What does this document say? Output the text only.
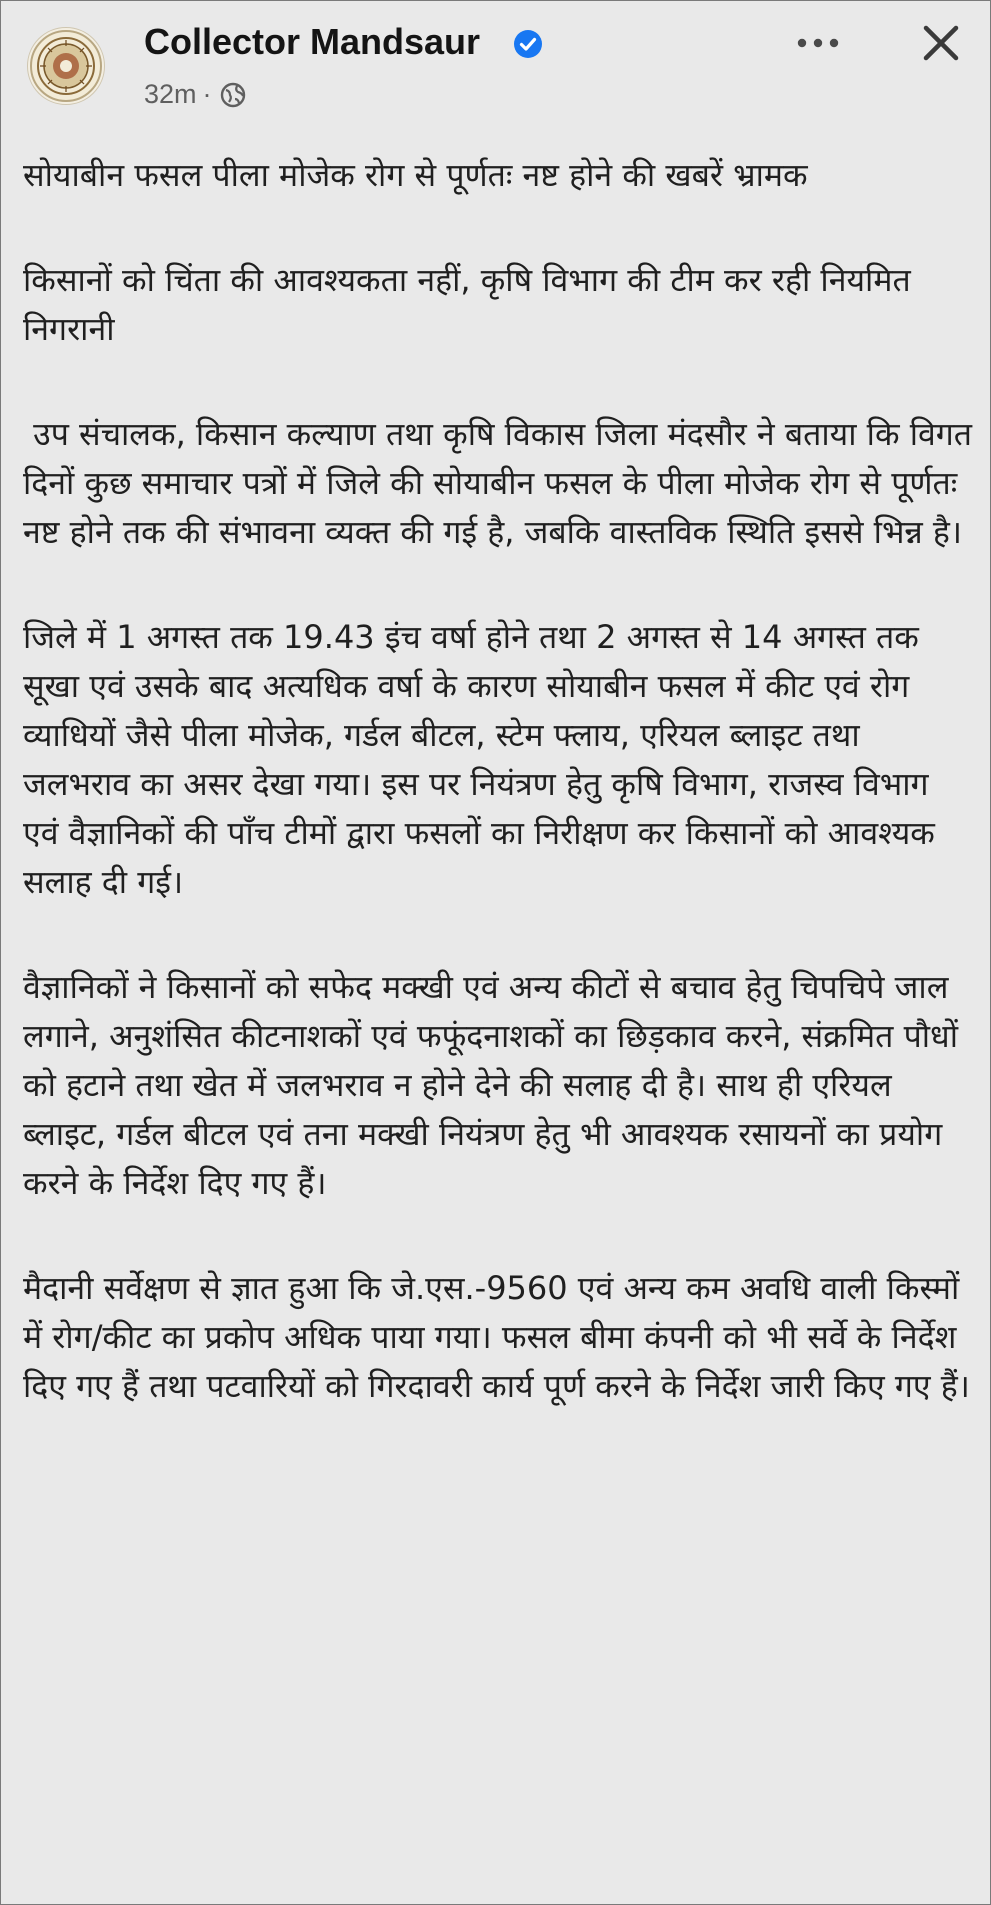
Collector Mandsaur
32m ·

सोयाबीन फसल पीला मोजेक रोग से पूर्णतः नष्ट होने की खबरें भ्रामक

किसानों को चिंता की आवश्यकता नहीं, कृषि विभाग की टीम कर रही नियमित निगरानी

उप संचालक, किसान कल्याण तथा कृषि विकास जिला मंदसौर ने बताया कि विगत दिनों कुछ समाचार पत्रों में जिले की सोयाबीन फसल के पीला मोजेक रोग से पूर्णतः नष्ट होने तक की संभावना व्यक्त की गई है, जबकि वास्तविक स्थिति इससे भिन्न है।

जिले में 1 अगस्त तक 19.43 इंच वर्षा होने तथा 2 अगस्त से 14 अगस्त तक सूखा एवं उसके बाद अत्यधिक वर्षा के कारण सोयाबीन फसल में कीट एवं रोग व्याधियों जैसे पीला मोजेक, गर्डल बीटल, स्टेम फ्लाय, एरियल ब्लाइट तथा जलभराव का असर देखा गया। इस पर नियंत्रण हेतु कृषि विभाग, राजस्व विभाग एवं वैज्ञानिकों की पाँच टीमों द्वारा फसलों का निरीक्षण कर किसानों को आवश्यक सलाह दी गई।

वैज्ञानिकों ने किसानों को सफेद मक्खी एवं अन्य कीटों से बचाव हेतु चिपचिपे जाल लगाने, अनुशंसित कीटनाशकों एवं फफूंदनाशकों का छिड़काव करने, संक्रमित पौधों को हटाने तथा खेत में जलभराव न होने देने की सलाह दी है। साथ ही एरियल ब्लाइट, गर्डल बीटल एवं तना मक्खी नियंत्रण हेतु भी आवश्यक रसायनों का प्रयोग करने के निर्देश दिए गए हैं।

मैदानी सर्वेक्षण से ज्ञात हुआ कि जे.एस.-9560 एवं अन्य कम अवधि वाली किस्मों में रोग/कीट का प्रकोप अधिक पाया गया। फसल बीमा कंपनी को भी सर्वे के निर्देश दिए गए हैं तथा पटवारियों को गिरदावरी कार्य पूर्ण करने के निर्देश जारी किए गए हैं।
